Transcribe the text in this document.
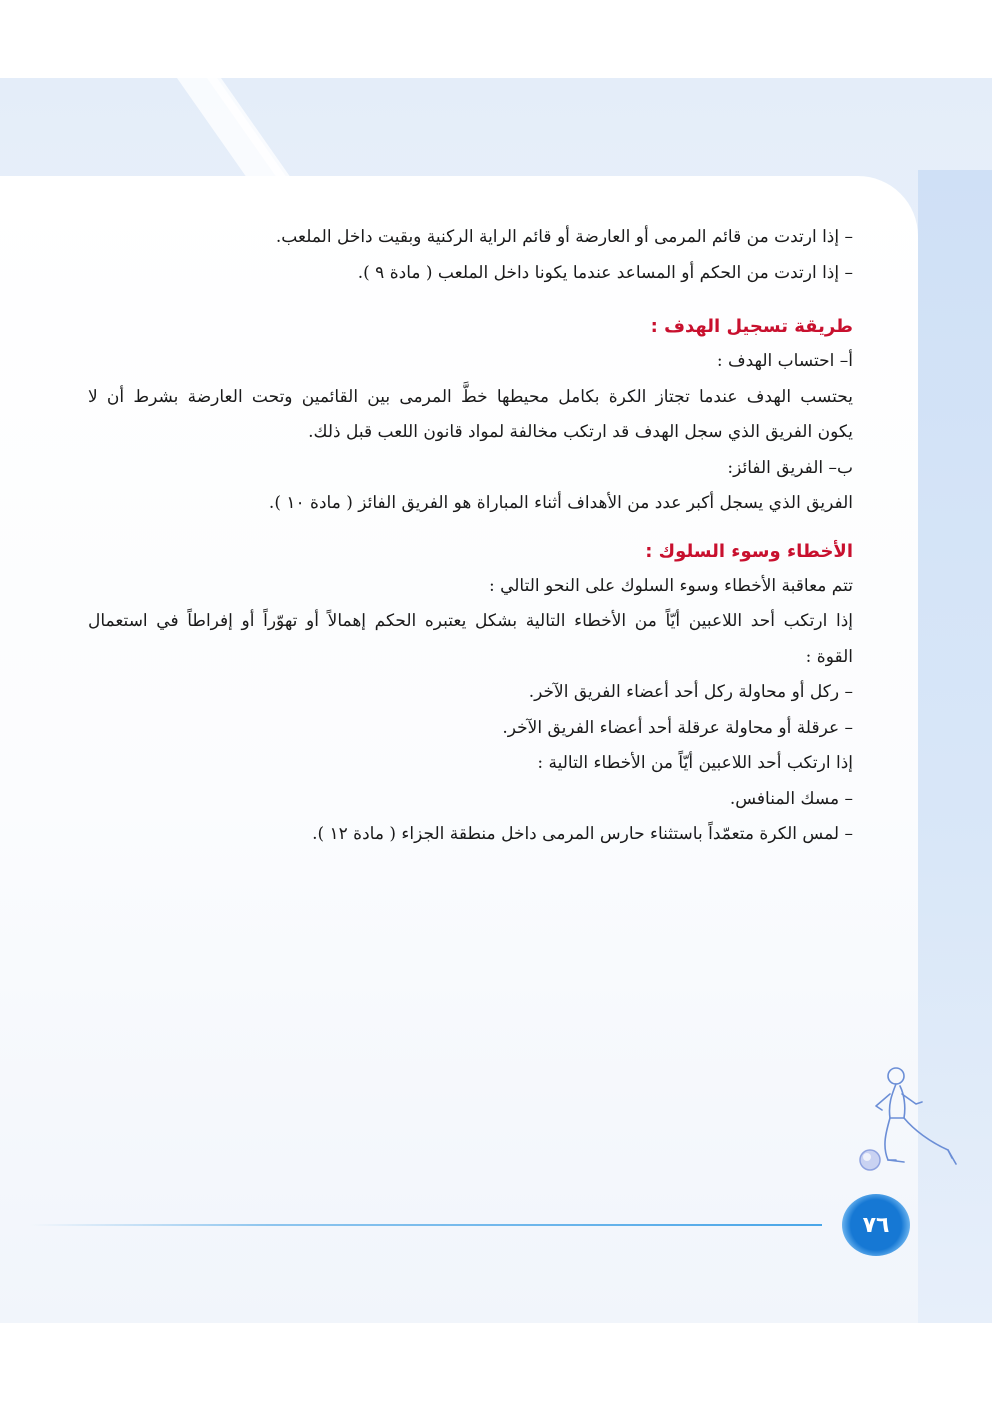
– إذا ارتدت من قائم المرمى أو العارضة أو قائم الراية الركنية وبقيت داخل الملعب.

– إذا ارتدت من الحكم أو المساعد عندما يكونا داخل الملعب ( مادة ٩ ).

طريقة تسجيل الهدف :

أ– احتساب الهدف :

يحتسب الهدف عندما تجتاز الكرة بكامل محيطها خطَّ المرمى بين القائمين وتحت العارضة بشرط أن لا

يكون الفريق الذي سجل الهدف قد ارتكب مخالفة لمواد قانون اللعب قبل ذلك.

ب– الفريق الفائز:

الفريق الذي يسجل أكبر عدد من الأهداف أثناء المباراة هو الفريق الفائز ( مادة ١٠ ).

الأخطاء وسوء السلوك :

تتم معاقبة الأخطاء وسوء السلوك على النحو التالي :

إذا ارتكب أحد اللاعبين أيّاً من الأخطاء التالية بشكل يعتبره الحكم إهمالاً أو تهوّراً أو إفراطاً في استعمال

القوة :

– ركل أو محاولة ركل أحد أعضاء الفريق الآخر.

– عرقلة أو محاولة عرقلة أحد أعضاء الفريق الآخر.

إذا ارتكب أحد اللاعبين أيّاً من الأخطاء التالية :

– مسك المنافس.

– لمس الكرة متعمّداً باستثناء حارس المرمى داخل منطقة الجزاء ( مادة ١٢ ).

٧٦
